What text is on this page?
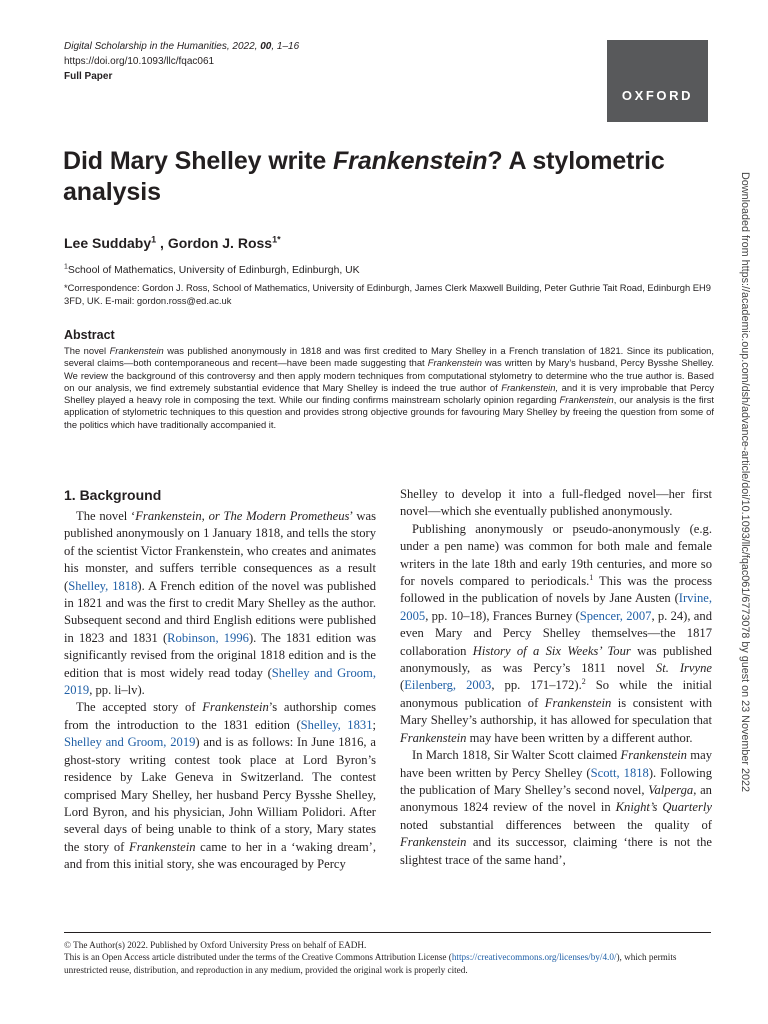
Digital Scholarship in the Humanities, 2022, 00, 1–16
https://doi.org/10.1093/llc/fqac061
Full Paper
OXFORD
Did Mary Shelley write Frankenstein? A stylometric analysis
Lee Suddaby$^1$ , Gordon J. Ross$^{1*}$
$^1$School of Mathematics, University of Edinburgh, Edinburgh, UK
*Correspondence: Gordon J. Ross, School of Mathematics, University of Edinburgh, James Clerk Maxwell Building, Peter Guthrie Tait Road, Edinburgh EH9 3FD, UK. E-mail: gordon.ross@ed.ac.uk
Abstract

The novel Frankenstein was published anonymously in 1818 and was first credited to Mary Shelley in a French translation of 1821. Since its publication, several claims—both contemporaneous and recent—have been made suggesting that Frankenstein was written by Mary’s husband, Percy Bysshe Shelley. We review the background of this controversy and then apply modern techniques from computational stylometry to determine who the true author is. Based on our analysis, we find extremely substantial evidence that Mary Shelley is indeed the true author of Frankenstein, and it is very improbable that Percy Shelley played a heavy role in composing the text. While our finding confirms mainstream scholarly opinion regarding Frankenstein, our analysis is the first application of stylometric techniques to this question and provides strong objective grounds for favouring Mary Shelley by freeing the question from some of the politics which have traditionally accompanied it.

1. Background

The novel ‘Frankenstein, or The Modern Prometheus’ was published anonymously on 1 January 1818, and tells the story of the scientist Victor Frankenstein, who creates and animates his monster, and suffers terrible consequences as a result (Shelley, 1818). A French edition of the novel was published in 1821 and was the first to credit Mary Shelley as the author. Subsequent second and third English editions were published in 1823 and 1831 (Robinson, 1996). The 1831 edition was significantly revised from the original 1818 edition and is the edition that is most widely read today (Shelley and Groom, 2019, pp. li–lv).

The accepted story of Frankenstein’s authorship comes from the introduction to the 1831 edition (Shelley, 1831; Shelley and Groom, 2019) and is as follows: In June 1816, a ghost-story writing contest took place at Lord Byron’s residence by Lake Geneva in Switzerland. The contest comprised Mary Shelley, her husband Percy Bysshe Shelley, Lord Byron, and his physician, John William Polidori. After several days of being unable to think of a story, Mary states the story of Frankenstein came to her in a ‘waking dream’, and from this initial story, she was encouraged by Percy

Shelley to develop it into a full-fledged novel—her first novel—which she eventually published anonymously.

Publishing anonymously or pseudo-anonymously (e.g. under a pen name) was common for both male and female writers in the late 18th and early 19th centuries, and more so for novels compared to periodicals.$^1$ This was the process followed in the publication of novels by Jane Austen (Irvine, 2005, pp. 10–18), Frances Burney (Spencer, 2007, p. 24), and even Mary and Percy Shelley themselves—the 1817 collaboration History of a Six Weeks’ Tour was published anonymously, as was Percy’s 1811 novel St. Irvyne (Eilenberg, 2003, pp. 171–172).$^2$ So while the initial anonymous publication of Frankenstein is consistent with Mary Shelley’s authorship, it has allowed for speculation that Frankenstein may have been written by a different author.

In March 1818, Sir Walter Scott claimed Frankenstein may have been written by Percy Shelley (Scott, 1818). Following the publication of Mary Shelley’s second novel, Valperga, an anonymous 1824 review of the novel in Knight’s Quarterly noted substantial differences between the quality of Frankenstein and its successor, claiming ‘there is not the slightest trace of the same hand’,

© The Author(s) 2022. Published by Oxford University Press on behalf of EADH.

This is an Open Access article distributed under the terms of the Creative Commons Attribution License (https://creativecommons.org/licenses/by/4.0/), which permits unrestricted reuse, distribution, and reproduction in any medium, provided the original work is properly cited.

Downloaded from https://academic.oup.com/dsh/advance-article/doi/10.1093/llc/fqac061/6773078 by guest on 23 November 2022
